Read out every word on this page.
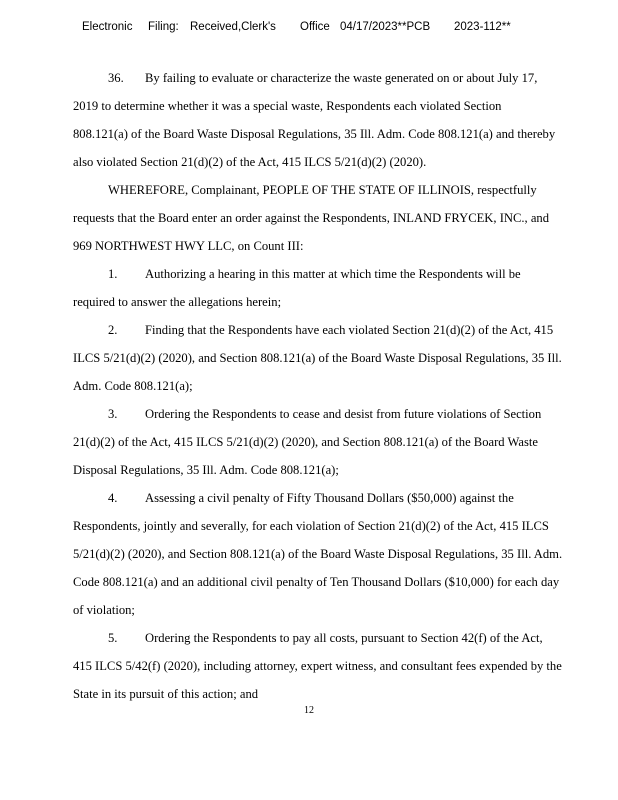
Electronic Filing: Received,Clerk's Office 04/17/2023**PCB 2023-112**
36. By failing to evaluate or characterize the waste generated on or about July 17,
2019 to determine whether it was a special waste, Respondents each violated Section
808.121(a) of the Board Waste Disposal Regulations, 35 Ill. Adm. Code 808.121(a) and thereby
also violated Section 21(d)(2) of the Act, 415 ILCS 5/21(d)(2) (2020).
WHEREFORE, Complainant, PEOPLE OF THE STATE OF ILLINOIS, respectfully
requests that the Board enter an order against the Respondents, INLAND FRYCEK, INC., and
969 NORTHWEST HWY LLC, on Count III:
1. Authorizing a hearing in this matter at which time the Respondents will be
required to answer the allegations herein;
2. Finding that the Respondents have each violated Section 21(d)(2) of the Act, 415
ILCS 5/21(d)(2) (2020), and Section 808.121(a) of the Board Waste Disposal Regulations, 35 Ill.
Adm. Code 808.121(a);
3. Ordering the Respondents to cease and desist from future violations of Section
21(d)(2) of the Act, 415 ILCS 5/21(d)(2) (2020), and Section 808.121(a) of the Board Waste
Disposal Regulations, 35 Ill. Adm. Code 808.121(a);
4. Assessing a civil penalty of Fifty Thousand Dollars ($50,000) against the
Respondents, jointly and severally, for each violation of Section 21(d)(2) of the Act, 415 ILCS
5/21(d)(2) (2020), and Section 808.121(a) of the Board Waste Disposal Regulations, 35 Ill. Adm.
Code 808.121(a) and an additional civil penalty of Ten Thousand Dollars ($10,000) for each day
of violation;
5. Ordering the Respondents to pay all costs, pursuant to Section 42(f) of the Act,
415 ILCS 5/42(f) (2020), including attorney, expert witness, and consultant fees expended by the
State in its pursuit of this action; and
12
